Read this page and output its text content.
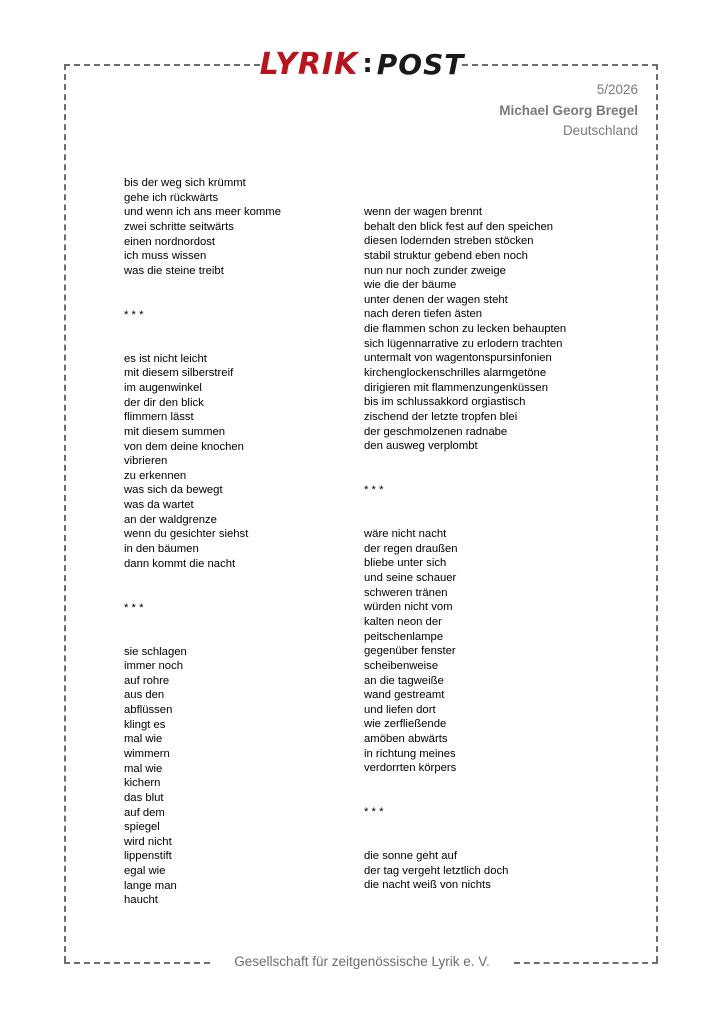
LYRIK : POST
5/2026
Michael Georg Bregel
Deutschland
bis der weg sich krümmt
gehe ich rückwärts
und wenn ich ans meer komme
zwei schritte seitwärts
einen nordnordost
ich muss wissen
was die steine treibt
* * *
es ist nicht leicht
mit diesem silberstreif
im augenwinkel
der dir den blick
flimmern lässt
mit diesem summen
von dem deine knochen
vibrieren
zu erkennen
was sich da bewegt
was da wartet
an der waldgrenze
wenn du gesichter siehst
in den bäumen
dann kommt die nacht
* * *
sie schlagen
immer noch
auf rohre
aus den
abflüssen
klingt es
mal wie
wimmern
mal wie
kichern
das blut
auf dem
spiegel
wird nicht
lippenstift
egal wie
lange man
haucht
wenn der wagen brennt
behalt den blick fest auf den speichen
diesen lodernden streben stöcken
stabil struktur gebend eben noch
nun nur noch zunder zweige
wie die der bäume
unter denen der wagen steht
nach deren tiefen ästen
die flammen schon zu lecken behaupten
sich lügennarrative zu erlodern trachten
untermalt von wagentonspursinfonien
kirchenglockenschrilles alarmgetöne
dirigieren mit flammenzungenküssen
bis im schlussakkord orgiastisch
zischend der letzte tropfen blei
der geschmolzenen radnabe
den ausweg verplombt
* * *
wäre nicht nacht
der regen draußen
bliebe unter sich
und seine schauer
schweren tränen
würden nicht vom
kalten neon der
peitschenlampe
gegenüber fenster
scheibenweise
an die tagweiße
wand gestreamt
und liefen dort
wie zerfließende
amöben abwärts
in richtung meines
verdorrten körpers
* * *
die sonne geht auf
der tag vergeht letztlich doch
die nacht weiß von nichts
Gesellschaft für zeitgenössische Lyrik e. V.
